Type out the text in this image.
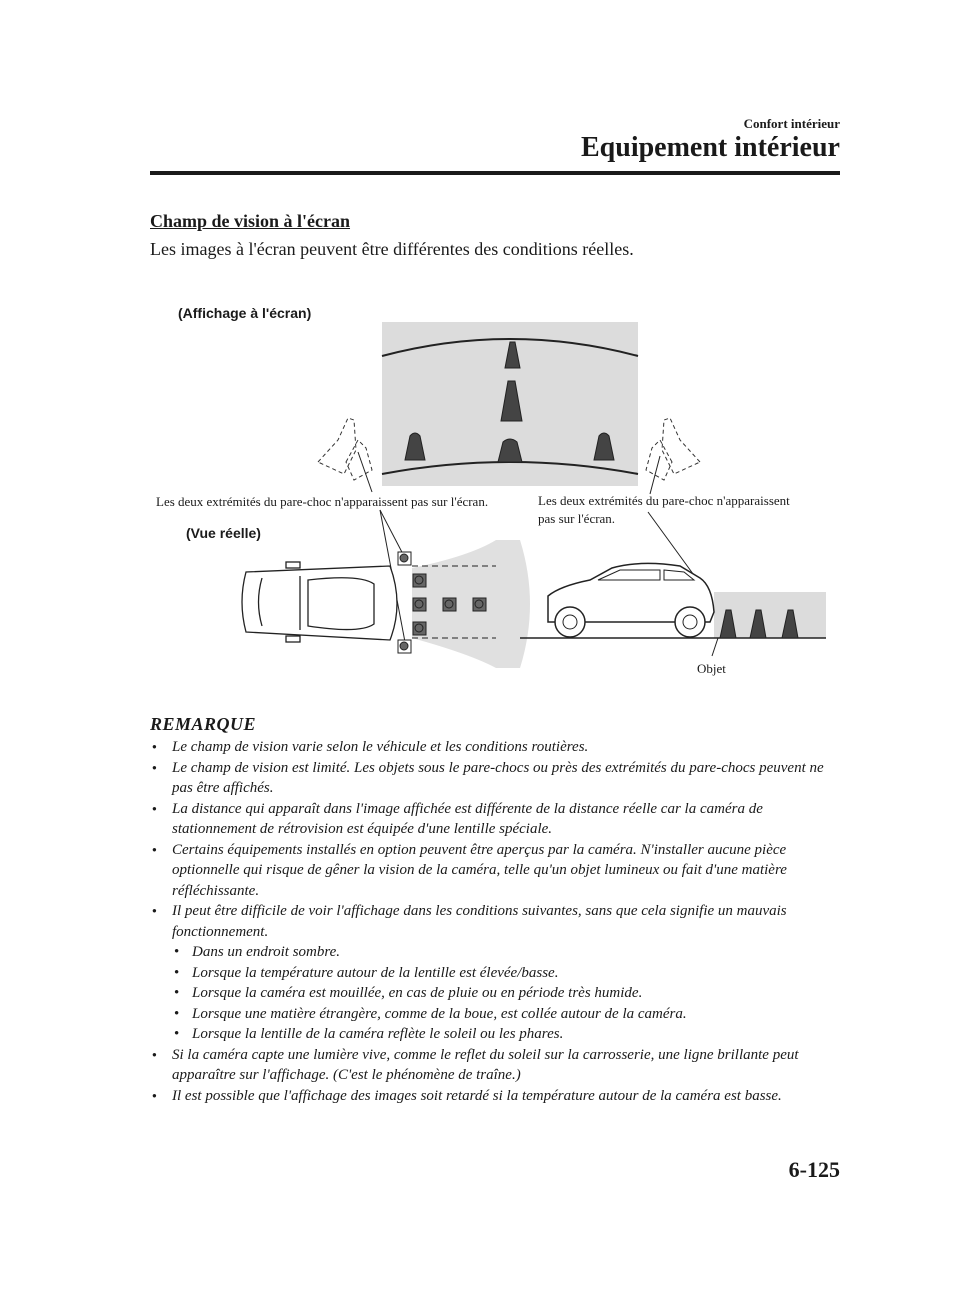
Confort intérieur
Equipement intérieur
Champ de vision à l'écran
Les images à l'écran peuvent être différentes des conditions réelles.
(Affichage à l'écran)
(Vue réelle)
Les deux extrémités du pare-choc n'apparaissent pas sur l'écran.	Les deux extrémités du pare-choc n'apparaissent
pas sur l'écran.
Objet
REMARQUE
● Le champ de vision varie selon le véhicule et les conditions routières.
● Le champ de vision est limité. Les objets sous le pare-chocs ou près des extrémités du pare-chocs peuvent ne pas être affichés.
● La distance qui apparaît dans l'image affichée est différente de la distance réelle car la caméra de stationnement de rétrovision est équipée d'une lentille spéciale.
● Certains équipements installés en option peuvent être aperçus par la caméra. N'installer aucune pièce optionnelle qui risque de gêner la vision de la caméra, telle qu'un objet lumineux ou fait d'une matière réfléchissante.
● Il peut être difficile de voir l'affichage dans les conditions suivantes, sans que cela signifie un mauvais fonctionnement.
• Dans un endroit sombre.
• Lorsque la température autour de la lentille est élevée/basse.
• Lorsque la caméra est mouillée, en cas de pluie ou en période très humide.
• Lorsque une matière étrangère, comme de la boue, est collée autour de la caméra.
• Lorsque la lentille de la caméra reflète le soleil ou les phares.
● Si la caméra capte une lumière vive, comme le reflet du soleil sur la carrosserie, une ligne brillante peut apparaître sur l'affichage. (C'est le phénomène de traîne.)
● Il est possible que l'affichage des images soit retardé si la température autour de la caméra est basse.
6-125
